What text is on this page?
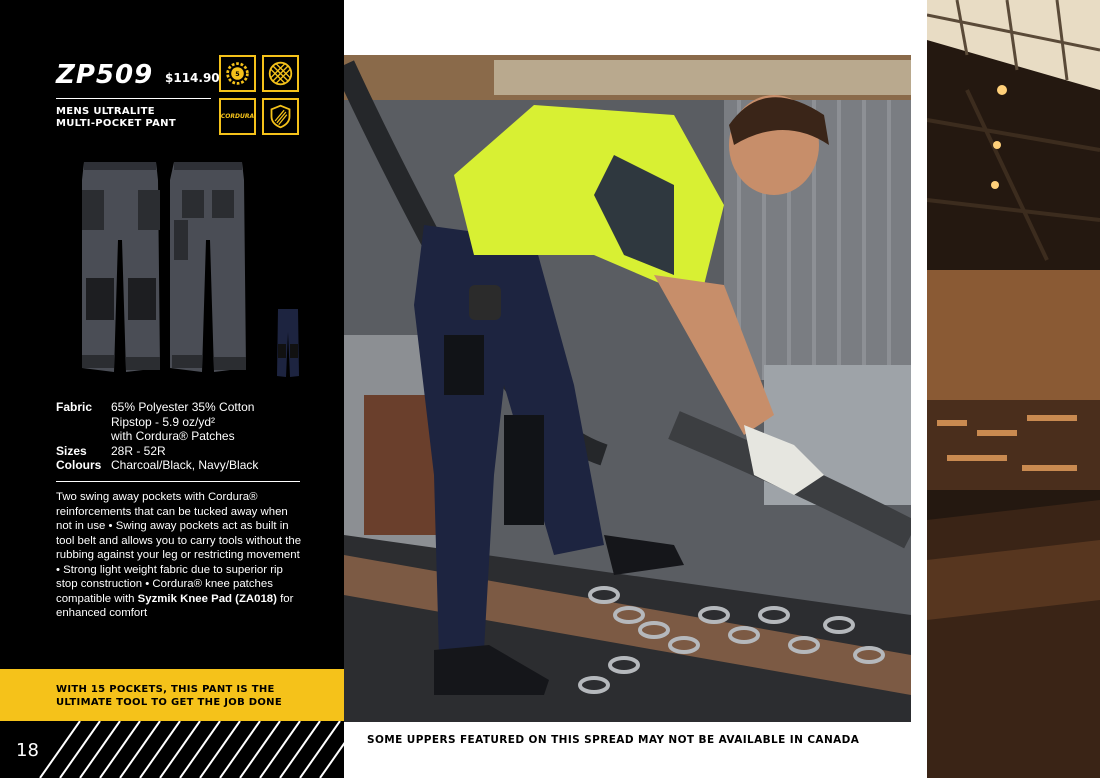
ZP509 $114.90
MENS ULTRALITE
MULTI-POCKET PANT
5
CORDURA
Fabric	65% Polyester 35% Cotton
Ripstop - 5.9 oz/yd²
with Cordura® Patches
Sizes	28R - 52R
Colours Charcoal/Black, Navy/Black
Two swing away pockets with Cordura® reinforcements that can be tucked away when not in use • Swing away pockets act as built in tool belt and allows you to carry tools without the rubbing against your leg or restricting movement • Strong light weight fabric due to superior rip stop construction • Cordura® knee patches compatible with Syzmik Knee Pad (ZA018) for enhanced comfort
WITH 15 POCKETS, THIS PANT IS THE
ULTIMATE TOOL TO GET THE JOB DONE
18	SOME UPPERS FEATURED ON THIS SPREAD MAY NOT BE AVAILABLE IN CANADA
